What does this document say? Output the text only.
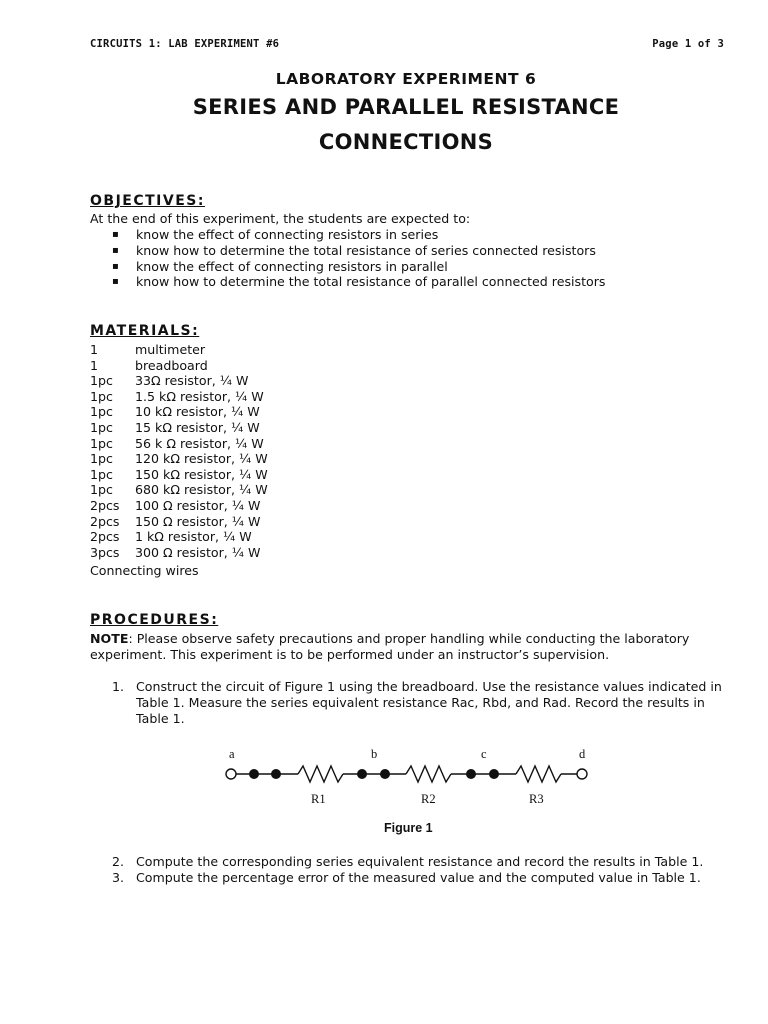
CIRCUITS 1: LAB EXPERIMENT #6	Page 1 of 3
LABORATORY EXPERIMENT 6
SERIES AND PARALLEL RESISTANCE
CONNECTIONS
OBJECTIVES:
At the end of this experiment, the students are expected to:
▪ know the effect of connecting resistors in series
▪ know how to determine the total resistance of series connected resistors
▪ know the effect of connecting resistors in parallel
▪ know how to determine the total resistance of parallel connected resistors
MATERIALS:
1	multimeter
1	breadboard
1pc	33Ω resistor, ¼ W
1pc	1.5 kΩ resistor, ¼ W
1pc	10 kΩ resistor, ¼ W
1pc	15 kΩ resistor, ¼ W
1pc	56 k Ω resistor, ¼ W
1pc	120 kΩ resistor, ¼ W
1pc	150 kΩ resistor, ¼ W
1pc	680 kΩ resistor, ¼ W
2pcs	100 Ω resistor, ¼ W
2pcs	150 Ω resistor, ¼ W
2pcs	1 kΩ resistor, ¼ W
3pcs	300 Ω resistor, ¼ W
Connecting wires
PROCEDURES:
NOTE: Please observe safety precautions and proper handling while conducting the laboratory experiment. This experiment is to be performed under an instructor’s supervision.
1. Construct the circuit of Figure 1 using the breadboard. Use the resistance values indicated in Table 1. Measure the series equivalent resistance Rac, Rbd, and Rad. Record the results in Table 1.
a	b	c	d
R1	R2	R3
Figure 1
2. Compute the corresponding series equivalent resistance and record the results in Table 1.
3. Compute the percentage error of the measured value and the computed value in Table 1.
